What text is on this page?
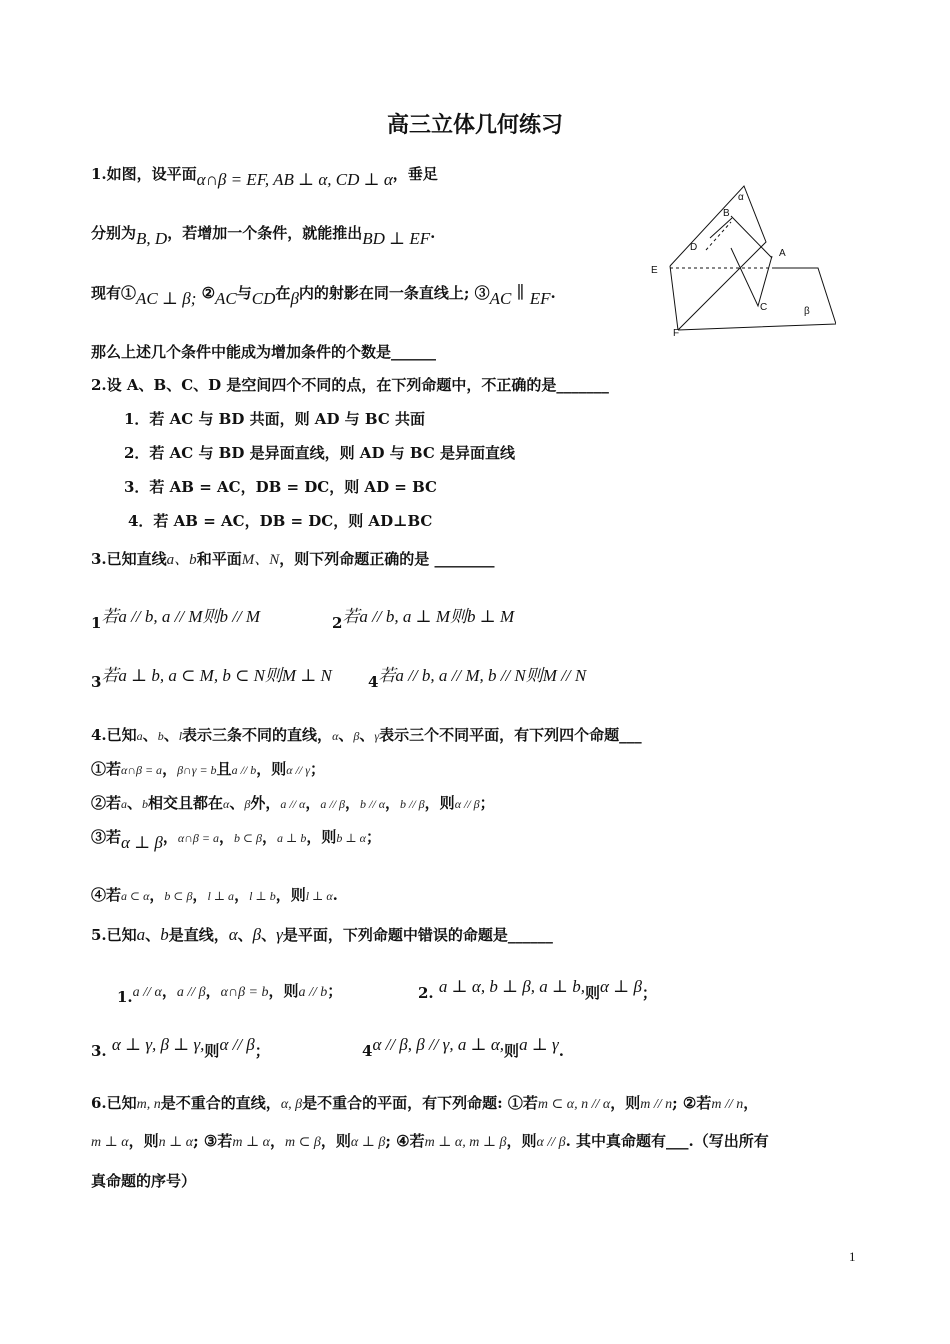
高三立体几何练习
α
B
D
A
E
C	β
F
1.如图，设平面α∩β = EF, AB ⊥ α, CD ⊥ α，垂足
分别为B, D，若增加一个条件，就能推出BD ⊥ EF.
现有①AC ⊥ β; ②AC与CD在β内的射影在同一条直线上; ③AC ∥ EF.
那么上述几个条件中能成为增加条件的个数是______
2.设 A、B、C、D 是空间四个不同的点，在下列命题中，不正确的是_______
1．若 AC 与 BD 共面，则 AD 与 BC 共面
2．若 AC 与 BD 是异面直线，则 AD 与 BC 是异面直线
3．若 AB = AC，DB = DC，则 AD = BC
4．若 AB = AC，DB = DC，则 AD⊥BC
3.已知直线a、b和平面M、N，则下列命题正确的是 ________
1若a // b, a // M则b // M	2若a // b, a ⊥ M则b ⊥ M
3若a ⊥ b, a ⊂ M, b ⊂ N则M ⊥ N 4若a // b, a // M, b // N则M // N
4.已知a、b、l表示三条不同的直线，α、β、γ表示三个不同平面，有下列四个命题___
①若α∩β = a，β∩γ = b且a // b，则α // γ；
②若a、b相交且都在α、β外，a // α，a // β，b // α，b // β，则α // β；
③若α ⊥ β，α∩β = a，b ⊂ β，a ⊥ b，则b ⊥ α；
④若a ⊂ α，b ⊂ β，l ⊥ a，l ⊥ b，则l ⊥ α.
5.已知a、b是直线，α、β、γ是平面，下列命题中错误的命题是______
1.a // α，a // β，α∩β = b，则a // b；	2. a ⊥ α, b ⊥ β, a ⊥ b,则α ⊥ β；
3. α ⊥ γ, β ⊥ γ,则α // β；	4α // β, β // γ, a ⊥ α,则a ⊥ γ.
6.已知m, n是不重合的直线，α, β是不重合的平面，有下列命题: ①若m ⊂ α, n // α，则m // n; ②若m // n，
m ⊥ α，则n ⊥ α; ③若m ⊥ α，m ⊂ β，则α ⊥ β; ④若m ⊥ α, m ⊥ β，则α // β. 其中真命题有___.（写出所有
真命题的序号）
1
